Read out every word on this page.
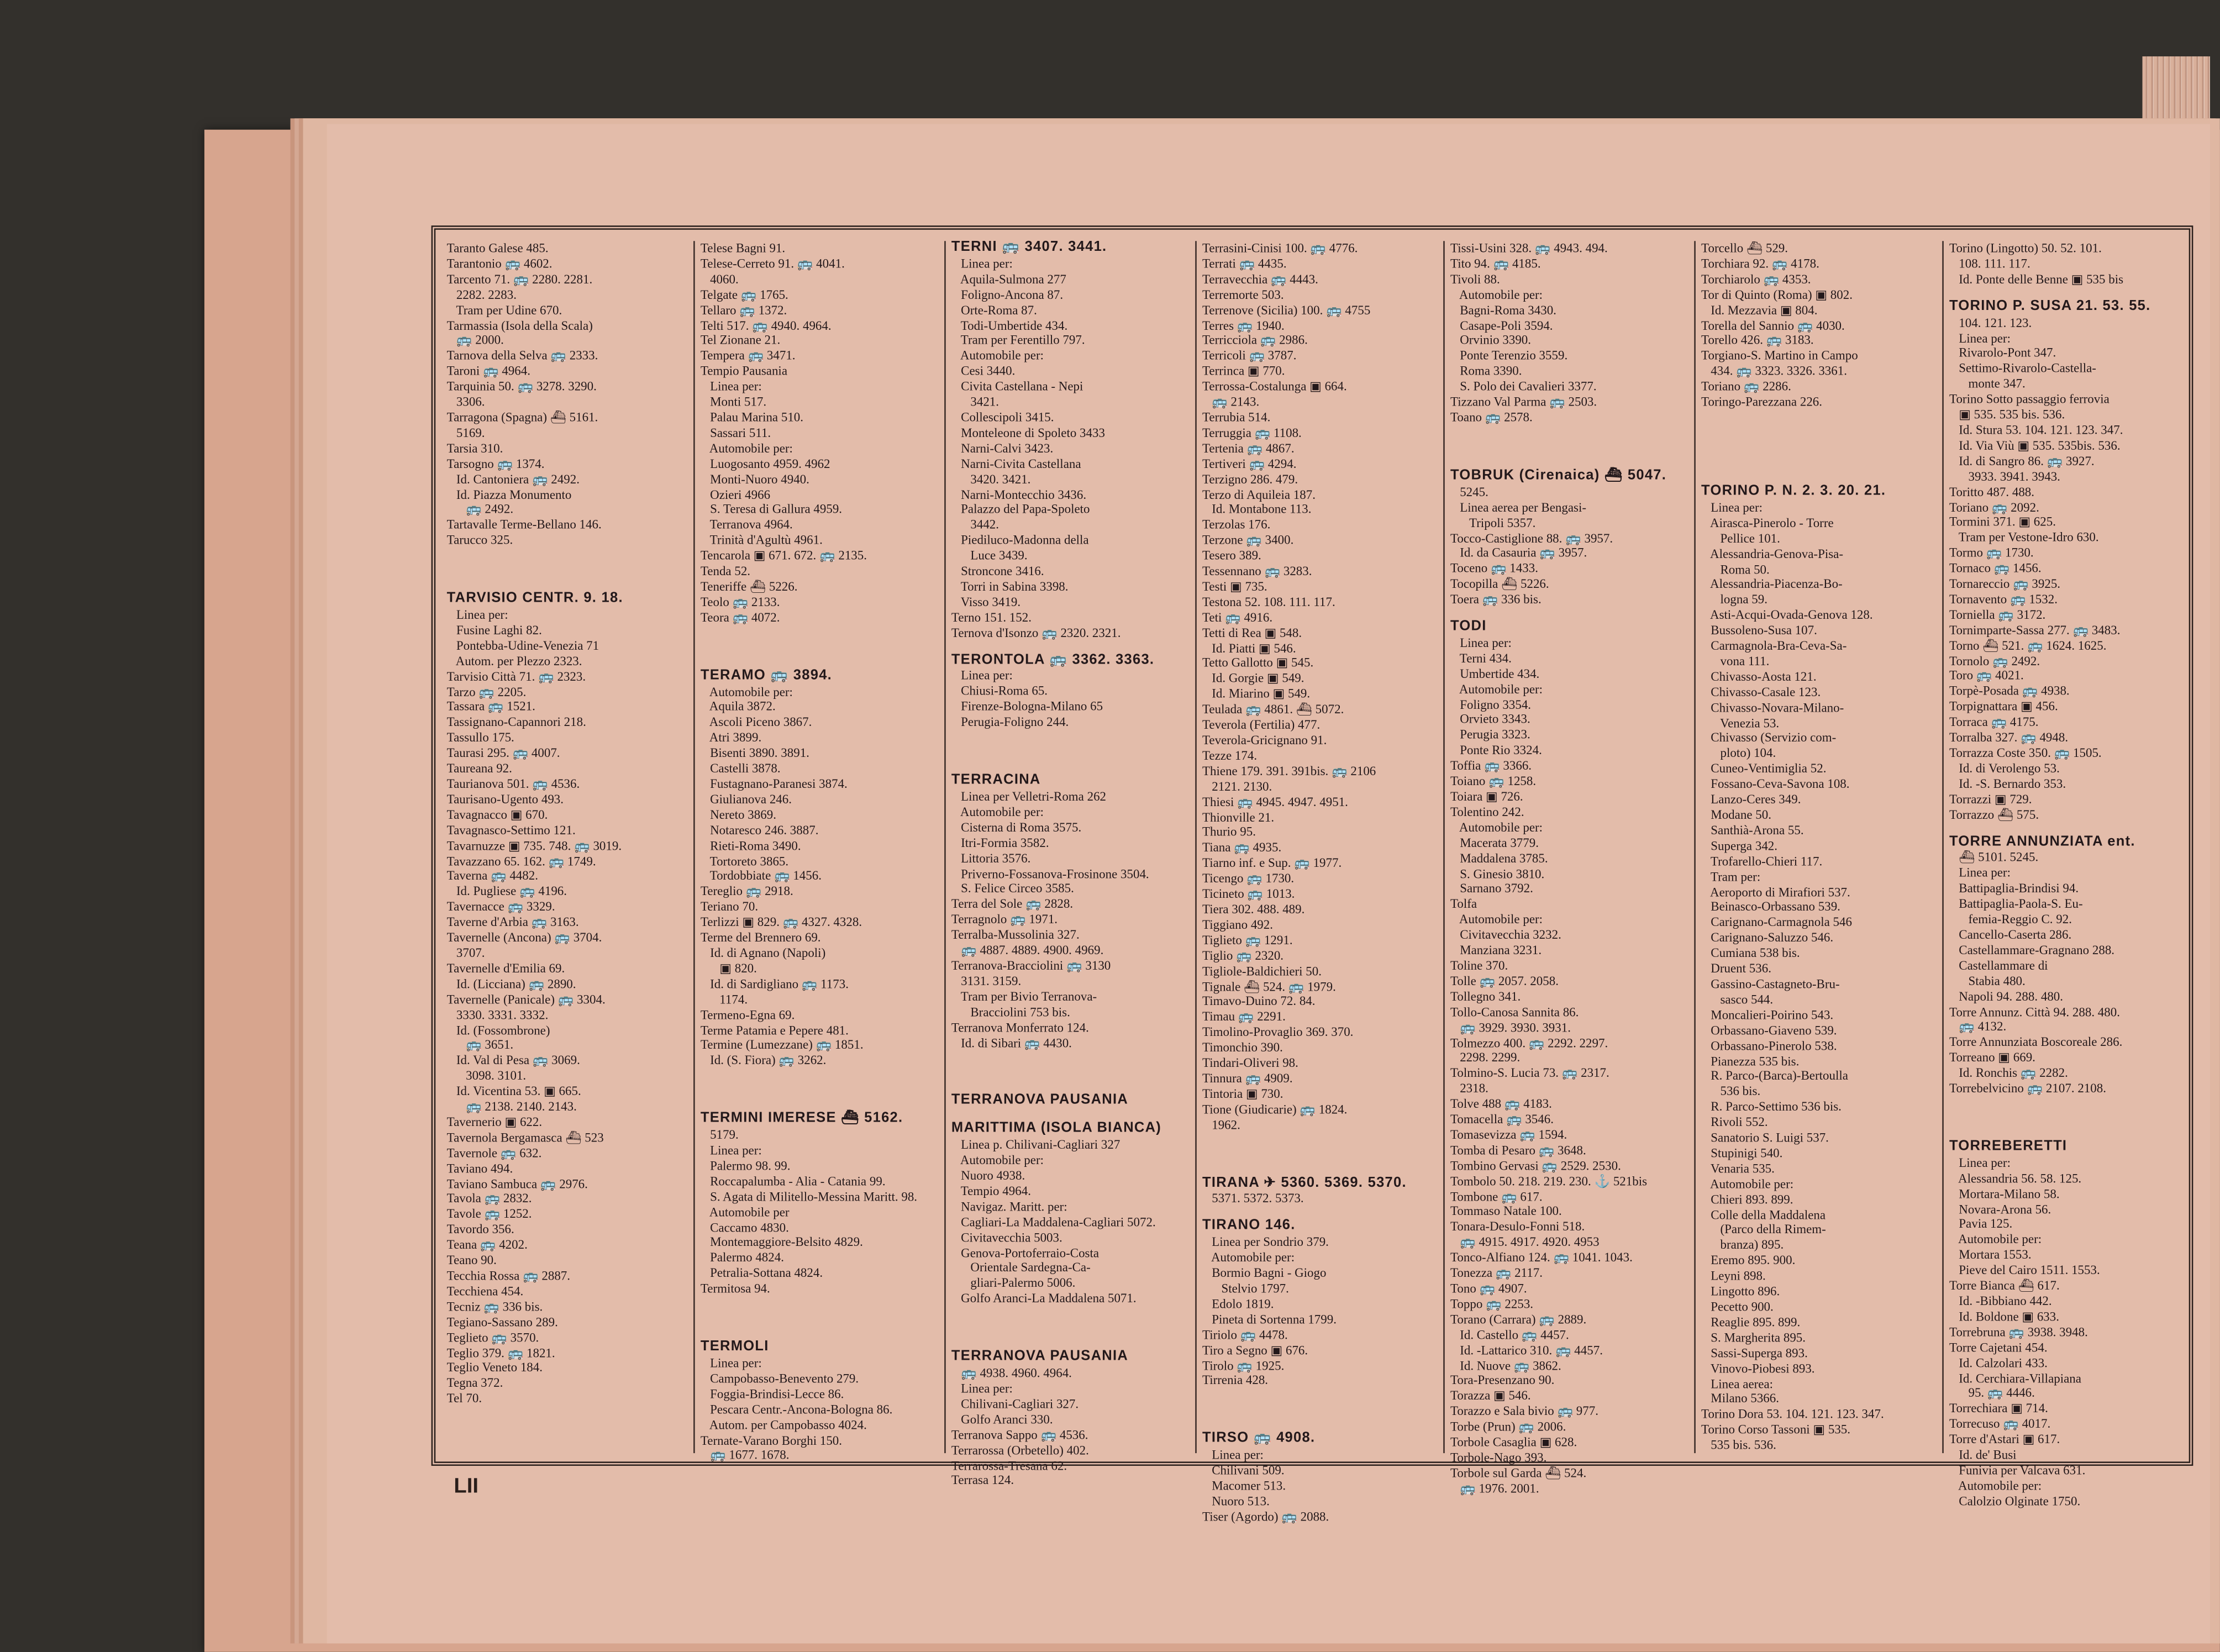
Taranto Galese 485.
Tarantonio 🚌 4602.
Tarcento 71. 🚌 2280. 2281.
2282. 2283.
Tram per Udine 670.
Tarmassia (Isola della Scala)
🚌 2000.
Tarnova della Selva 🚌 2333.
Taroni 🚌 4964.
Tarquinia 50. 🚌 3278. 3290.
3306.
Tarragona (Spagna) ⛴ 5161.
5169.
Tarsia 310.
Tarsogno 🚌 1374.
Id. Cantoniera 🚌 2492.
Id. Piazza Monumento
🚌 2492.
Tartavalle Terme-Bellano 146.
Tarucco 325.
TARVISIO CENTR. 9. 18.
Linea per:
Fusine Laghi 82.
Pontebba-Udine-Venezia 71
Autom. per Plezzo 2323.
Tarvisio Città 71. 🚌 2323.
Tarzo 🚌 2205.
Tassara 🚌 1521.
Tassignano-Capannori 218.
Tassullo 175.
Taurasi 295. 🚌 4007.
Taureana 92.
Taurianova 501. 🚌 4536.
Taurisano-Ugento 493.
Tavagnacco ▣ 670.
Tavagnasco-Settimo 121.
Tavarnuzze ▣ 735. 748. 🚌 3019.
Tavazzano 65. 162. 🚌 1749.
Taverna 🚌 4482.
Id. Pugliese 🚌 4196.
Tavernacce 🚌 3329.
Taverne d'Arbia 🚌 3163.
Tavernelle (Ancona) 🚌 3704.
3707.
Tavernelle d'Emilia 69.
Id. (Licciana) 🚌 2890.
Tavernelle (Panicale) 🚌 3304.
3330. 3331. 3332.
Id. (Fossombrone)
🚌 3651.
Id. Val di Pesa 🚌 3069.
3098. 3101.
Id. Vicentina 53. ▣ 665.
🚌 2138. 2140. 2143.
Tavernerio ▣ 622.
Tavernola Bergamasca ⛴ 523
Tavernole 🚌 632.
Taviano 494.
Taviano Sambuca 🚌 2976.
Tavola 🚌 2832.
Tavole 🚌 1252.
Tavordo 356.
Teana 🚌 4202.
Teano 90.
Tecchia Rossa 🚌 2887.
Tecchiena 454.
Tecniz 🚌 336 bis.
Tegiano-Sassano 289.
Teglieto 🚌 3570.
Teglio 379. 🚌 1821.
Teglio Veneto 184.
Tegna 372.
Tel 70.
Telese Bagni 91.
Telese-Cerreto 91. 🚌 4041.
4060.
Telgate 🚌 1765.
Tellaro 🚌 1372.
Telti 517. 🚌 4940. 4964.
Tel Zionane 21.
Tempera 🚌 3471.
Tempio Pausania
Linea per:
Monti 517.
Palau Marina 510.
Sassari 511.
Automobile per:
Luogosanto 4959. 4962
Monti-Nuoro 4940.
Ozieri 4966
S. Teresa di Gallura 4959.
Terranova 4964.
Trinità d'Agultù 4961.
Tencarola ▣ 671. 672. 🚌 2135.
Tenda 52.
Teneriffe ⛴ 5226.
Teolo 🚌 2133.
Teora 🚌 4072.
TERAMO 🚌 3894.
Automobile per:
Aquila 3872.
Ascoli Piceno 3867.
Atri 3899.
Bisenti 3890. 3891.
Castelli 3878.
Fustagnano-Paranesi 3874.
Giulianova 246.
Nereto 3869.
Notaresco 246. 3887.
Rieti-Roma 3490.
Tortoreto 3865.
Tordobbiate 🚌 1456.
Tereglio 🚌 2918.
Teriano 70.
Terlizzi ▣ 829. 🚌 4327. 4328.
Terme del Brennero 69.
Id. di Agnano (Napoli)
▣ 820.
Id. di Sardigliano 🚌 1173.
1174.
Termeno-Egna 69.
Terme Patamia e Pepere 481.
Termine (Lumezzane) 🚌 1851.
Id. (S. Fiora) 🚌 3262.
TERMINI IMERESE ⛴ 5162.
5179.
Linea per:
Palermo 98. 99.
Roccapalumba - Alia - Catania 99.
S. Agata di Militello-Messina Maritt. 98.
Automobile per
Caccamo 4830.
Montemaggiore-Belsito 4829.
Palermo 4824.
Petralia-Sottana 4824.
Termitosa 94.
TERMOLI
Linea per:
Campobasso-Benevento 279.
Foggia-Brindisi-Lecce 86.
Pescara Centr.-Ancona-Bologna 86.
Autom. per Campobasso 4024.
Ternate-Varano Borghi 150.
🚌 1677. 1678.
TERNI 🚌 3407. 3441.
Linea per:
Aquila-Sulmona 277
Foligno-Ancona 87.
Orte-Roma 87.
Todi-Umbertide 434.
Tram per Ferentillo 797.
Automobile per:
Cesi 3440.
Civita Castellana - Nepi
3421.
Collescipoli 3415.
Monteleone di Spoleto 3433
Narni-Calvi 3423.
Narni-Civita Castellana
3420. 3421.
Narni-Montecchio 3436.
Palazzo del Papa-Spoleto
3442.
Piediluco-Madonna della
Luce 3439.
Stroncone 3416.
Torri in Sabina 3398.
Visso 3419.
Terno 151. 152.
Ternova d'Isonzo 🚌 2320. 2321.
TERONTOLA 🚌 3362. 3363.
Linea per:
Chiusi-Roma 65.
Firenze-Bologna-Milano 65
Perugia-Foligno 244.
TERRACINA
Linea per Velletri-Roma 262
Automobile per:
Cisterna di Roma 3575.
Itri-Formia 3582.
Littoria 3576.
Priverno-Fossanova-Frosinone 3504.
S. Felice Circeo 3585.
Terra del Sole 🚌 2828.
Terragnolo 🚌 1971.
Terralba-Mussolinia 327.
🚌 4887. 4889. 4900. 4969.
Terranova-Bracciolini 🚌 3130
3131. 3159.
Tram per Bivio Terranova-
Bracciolini 753 bis.
Terranova Monferrato 124.
Id. di Sibari 🚌 4430.
TERRANOVA PAUSANIA
MARITTIMA (ISOLA BIANCA)
Linea p. Chilivani-Cagliari 327
Automobile per:
Nuoro 4938.
Tempio 4964.
Navigaz. Maritt. per:
Cagliari-La Maddalena-Cagliari 5072.
Civitavecchia 5003.
Genova-Portoferraio-Costa
Orientale Sardegna-Ca-
gliari-Palermo 5006.
Golfo Aranci-La Maddalena 5071.
TERRANOVA PAUSANIA
🚌 4938. 4960. 4964.
Linea per:
Chilivani-Cagliari 327.
Golfo Aranci 330.
Terranova Sappo 🚌 4536.
Terrarossa (Orbetello) 402.
Terrarossa-Tresana 62.
Terrasa 124.
Terrasini-Cinisi 100. 🚌 4776.
Terrati 🚌 4435.
Terravecchia 🚌 4443.
Terremorte 503.
Terrenove (Sicilia) 100. 🚌 4755
Terres 🚌 1940.
Terricciola 🚌 2986.
Terricoli 🚌 3787.
Terrinca ▣ 770.
Terrossa-Costalunga ▣ 664.
🚌 2143.
Terrubia 514.
Terruggia 🚌 1108.
Tertenia 🚌 4867.
Tertiveri 🚌 4294.
Terzigno 286. 479.
Terzo di Aquileia 187.
Id. Montabone 113.
Terzolas 176.
Terzone 🚌 3400.
Tesero 389.
Tessennano 🚌 3283.
Testi ▣ 735.
Testona 52. 108. 111. 117.
Teti 🚌 4916.
Tetti di Rea ▣ 548.
Id. Piatti ▣ 546.
Tetto Gallotto ▣ 545.
Id. Gorgie ▣ 549.
Id. Miarino ▣ 549.
Teulada 🚌 4861. ⛴ 5072.
Teverola (Fertilia) 477.
Teverola-Gricignano 91.
Tezze 174.
Thiene 179. 391. 391bis. 🚌 2106
2121. 2130.
Thiesi 🚌 4945. 4947. 4951.
Thionville 21.
Thurio 95.
Tiana 🚌 4935.
Tiarno inf. e Sup. 🚌 1977.
Ticengo 🚌 1730.
Ticineto 🚌 1013.
Tiera 302. 488. 489.
Tiggiano 492.
Tiglieto 🚌 1291.
Tiglio 🚌 2320.
Tigliole-Baldichieri 50.
Tignale ⛴ 524. 🚌 1979.
Timavo-Duino 72. 84.
Timau 🚌 2291.
Timolino-Provaglio 369. 370.
Timonchio 390.
Tindari-Oliveri 98.
Tinnura 🚌 4909.
Tintoria ▣ 730.
Tione (Giudicarie) 🚌 1824.
1962.
TIRANA ✈ 5360. 5369. 5370.
5371. 5372. 5373.
TIRANO 146.
Linea per Sondrio 379.
Automobile per:
Bormio Bagni - Giogo
Stelvio 1797.
Edolo 1819.
Pineta di Sortenna 1799.
Tiriolo 🚌 4478.
Tiro a Segno ▣ 676.
Tirolo 🚌 1925.
Tirrenia 428.
TIRSO 🚌 4908.
Linea per:
Chilivani 509.
Macomer 513.
Nuoro 513.
Tiser (Agordo) 🚌 2088.
Tissi-Usini 328. 🚌 4943. 494.
Tito 94. 🚌 4185.
Tivoli 88.
Automobile per:
Bagni-Roma 3430.
Casape-Poli 3594.
Orvinio 3390.
Ponte Terenzio 3559.
Roma 3390.
S. Polo dei Cavalieri 3377.
Tizzano Val Parma 🚌 2503.
Toano 🚌 2578.
TOBRUK (Cirenaica) ⛴ 5047.
5245.
Linea aerea per Bengasi-
Tripoli 5357.
Tocco-Castiglione 88. 🚌 3957.
Id. da Casauria 🚌 3957.
Toceno 🚌 1433.
Tocopilla ⛴ 5226.
Toera 🚌 336 bis.
TODI
Linea per:
Terni 434.
Umbertide 434.
Automobile per:
Foligno 3354.
Orvieto 3343.
Perugia 3323.
Ponte Rio 3324.
Toffia 🚌 3366.
Toiano 🚌 1258.
Toiara ▣ 726.
Tolentino 242.
Automobile per:
Macerata 3779.
Maddalena 3785.
S. Ginesio 3810.
Sarnano 3792.
Tolfa
Automobile per:
Civitavecchia 3232.
Manziana 3231.
Toline 370.
Tolle 🚌 2057. 2058.
Tollegno 341.
Tollo-Canosa Sannita 86.
🚌 3929. 3930. 3931.
Tolmezzo 400. 🚌 2292. 2297.
2298. 2299.
Tolmino-S. Lucia 73. 🚌 2317.
2318.
Tolve 488 🚌 4183.
Tomacella 🚌 3546.
Tomasevizza 🚌 1594.
Tomba di Pesaro 🚌 3648.
Tombino Gervasi 🚌 2529. 2530.
Tombolo 50. 218. 219. 230. ⚓ 521bis
Tombone 🚌 617.
Tommaso Natale 100.
Tonara-Desulo-Fonni 518.
🚌 4915. 4917. 4920. 4953
Tonco-Alfiano 124. 🚌 1041. 1043.
Tonezza 🚌 2117.
Tono 🚌 4907.
Toppo 🚌 2253.
Torano (Carrara) 🚌 2889.
Id. Castello 🚌 4457.
Id. -Lattarico 310. 🚌 4457.
Id. Nuove 🚌 3862.
Tora-Presenzano 90.
Torazza ▣ 546.
Torazzo e Sala bivio 🚌 977.
Torbe (Prun) 🚌 2006.
Torbole Casaglia ▣ 628.
Torbole-Nago 393.
Torbole sul Garda ⛴ 524.
🚌 1976. 2001.
Torcello ⛴ 529.
Torchiara 92. 🚌 4178.
Torchiarolo 🚌 4353.
Tor di Quinto (Roma) ▣ 802.
Id. Mezzavia ▣ 804.
Torella del Sannio 🚌 4030.
Torello 426. 🚌 3183.
Torgiano-S. Martino in Campo
434. 🚌 3323. 3326. 3361.
Toriano 🚌 2286.
Toringo-Parezzana 226.
TORINO P. N. 2. 3. 20. 21.
Linea per:
Airasca-Pinerolo - Torre
Pellice 101.
Alessandria-Genova-Pisa-
Roma 50.
Alessandria-Piacenza-Bo-
logna 59.
Asti-Acqui-Ovada-Genova 128.
Bussoleno-Susa 107.
Carmagnola-Bra-Ceva-Sa-
vona 111.
Chivasso-Aosta 121.
Chivasso-Casale 123.
Chivasso-Novara-Milano-
Venezia 53.
Chivasso (Servizio com-
ploto) 104.
Cuneo-Ventimiglia 52.
Fossano-Ceva-Savona 108.
Lanzo-Ceres 349.
Modane 50.
Santhià-Arona 55.
Superga 342.
Trofarello-Chieri 117.
Tram per:
Aeroporto di Mirafiori 537.
Beinasco-Orbassano 539.
Carignano-Carmagnola 546
Carignano-Saluzzo 546.
Cumiana 538 bis.
Druent 536.
Gassino-Castagneto-Bru-
sasco 544.
Moncalieri-Poirino 543.
Orbassano-Giaveno 539.
Orbassano-Pinerolo 538.
Pianezza 535 bis.
R. Parco-(Barca)-Bertoulla
536 bis.
R. Parco-Settimo 536 bis.
Rivoli 552.
Sanatorio S. Luigi 537.
Stupinigi 540.
Venaria 535.
Automobile per:
Chieri 893. 899.
Colle della Maddalena
(Parco della Rimem-
branza) 895.
Eremo 895. 900.
Leyni 898.
Lingotto 896.
Pecetto 900.
Reaglie 895. 899.
S. Margherita 895.
Sassi-Superga 893.
Vinovo-Piobesi 893.
Linea aerea:
Milano 5366.
Torino Dora 53. 104. 121. 123. 347.
Torino Corso Tassoni ▣ 535.
535 bis. 536.
Torino (Lingotto) 50. 52. 101.
108. 111. 117.
Id. Ponte delle Benne ▣ 535 bis
TORINO P. SUSA 21. 53. 55.
104. 121. 123.
Linea per:
Rivarolo-Pont 347.
Settimo-Rivarolo-Castella-
monte 347.
Torino Sotto passaggio ferrovia
▣ 535. 535 bis. 536.
Id. Stura 53. 104. 121. 123. 347.
Id. Via Viù ▣ 535. 535bis. 536.
Id. di Sangro 86. 🚌 3927.
3933. 3941. 3943.
Toritto 487. 488.
Toriano 🚌 2092.
Tormini 371. ▣ 625.
Tram per Vestone-Idro 630.
Tormo 🚌 1730.
Tornaco 🚌 1456.
Tornareccio 🚌 3925.
Tornavento 🚌 1532.
Torniella 🚌 3172.
Tornimparte-Sassa 277. 🚌 3483.
Torno ⛴ 521. 🚌 1624. 1625.
Tornolo 🚌 2492.
Toro 🚌 4021.
Torpè-Posada 🚌 4938.
Torpignattara ▣ 456.
Torraca 🚌 4175.
Torralba 327. 🚌 4948.
Torrazza Coste 350. 🚌 1505.
Id. di Verolengo 53.
Id. -S. Bernardo 353.
Torrazzi ▣ 729.
Torrazzo ⛴ 575.
TORRE ANNUNZIATA ent.
⛴ 5101. 5245.
Linea per:
Battipaglia-Brindisi 94.
Battipaglia-Paola-S. Eu-
femia-Reggio C. 92.
Cancello-Caserta 286.
Castellammare-Gragnano 288.
Castellammare di
Stabia 480.
Napoli 94. 288. 480.
Torre Annunz. Città 94. 288. 480.
🚌 4132.
Torre Annunziata Boscoreale 286.
Torreano ▣ 669.
Id. Ronchis 🚌 2282.
Torrebelvicino 🚌 2107. 2108.
TORREBERETTI
Linea per:
Alessandria 56. 58. 125.
Mortara-Milano 58.
Novara-Arona 56.
Pavia 125.
Automobile per:
Mortara 1553.
Pieve del Cairo 1511. 1553.
Torre Bianca ⛴ 617.
Id. -Bibbiano 442.
Id. Boldone ▣ 633.
Torrebruna 🚌 3938. 3948.
Torre Cajetani 454.
Id. Calzolari 433.
Id. Cerchiara-Villapiana
95. 🚌 4446.
Torrechiara ▣ 714.
Torrecuso 🚌 4017.
Torre d'Astari ▣ 617.
Id. de' Busi
Funivia per Valcava 631.
Automobile per:
Calolzio Olginate 1750.
LII
